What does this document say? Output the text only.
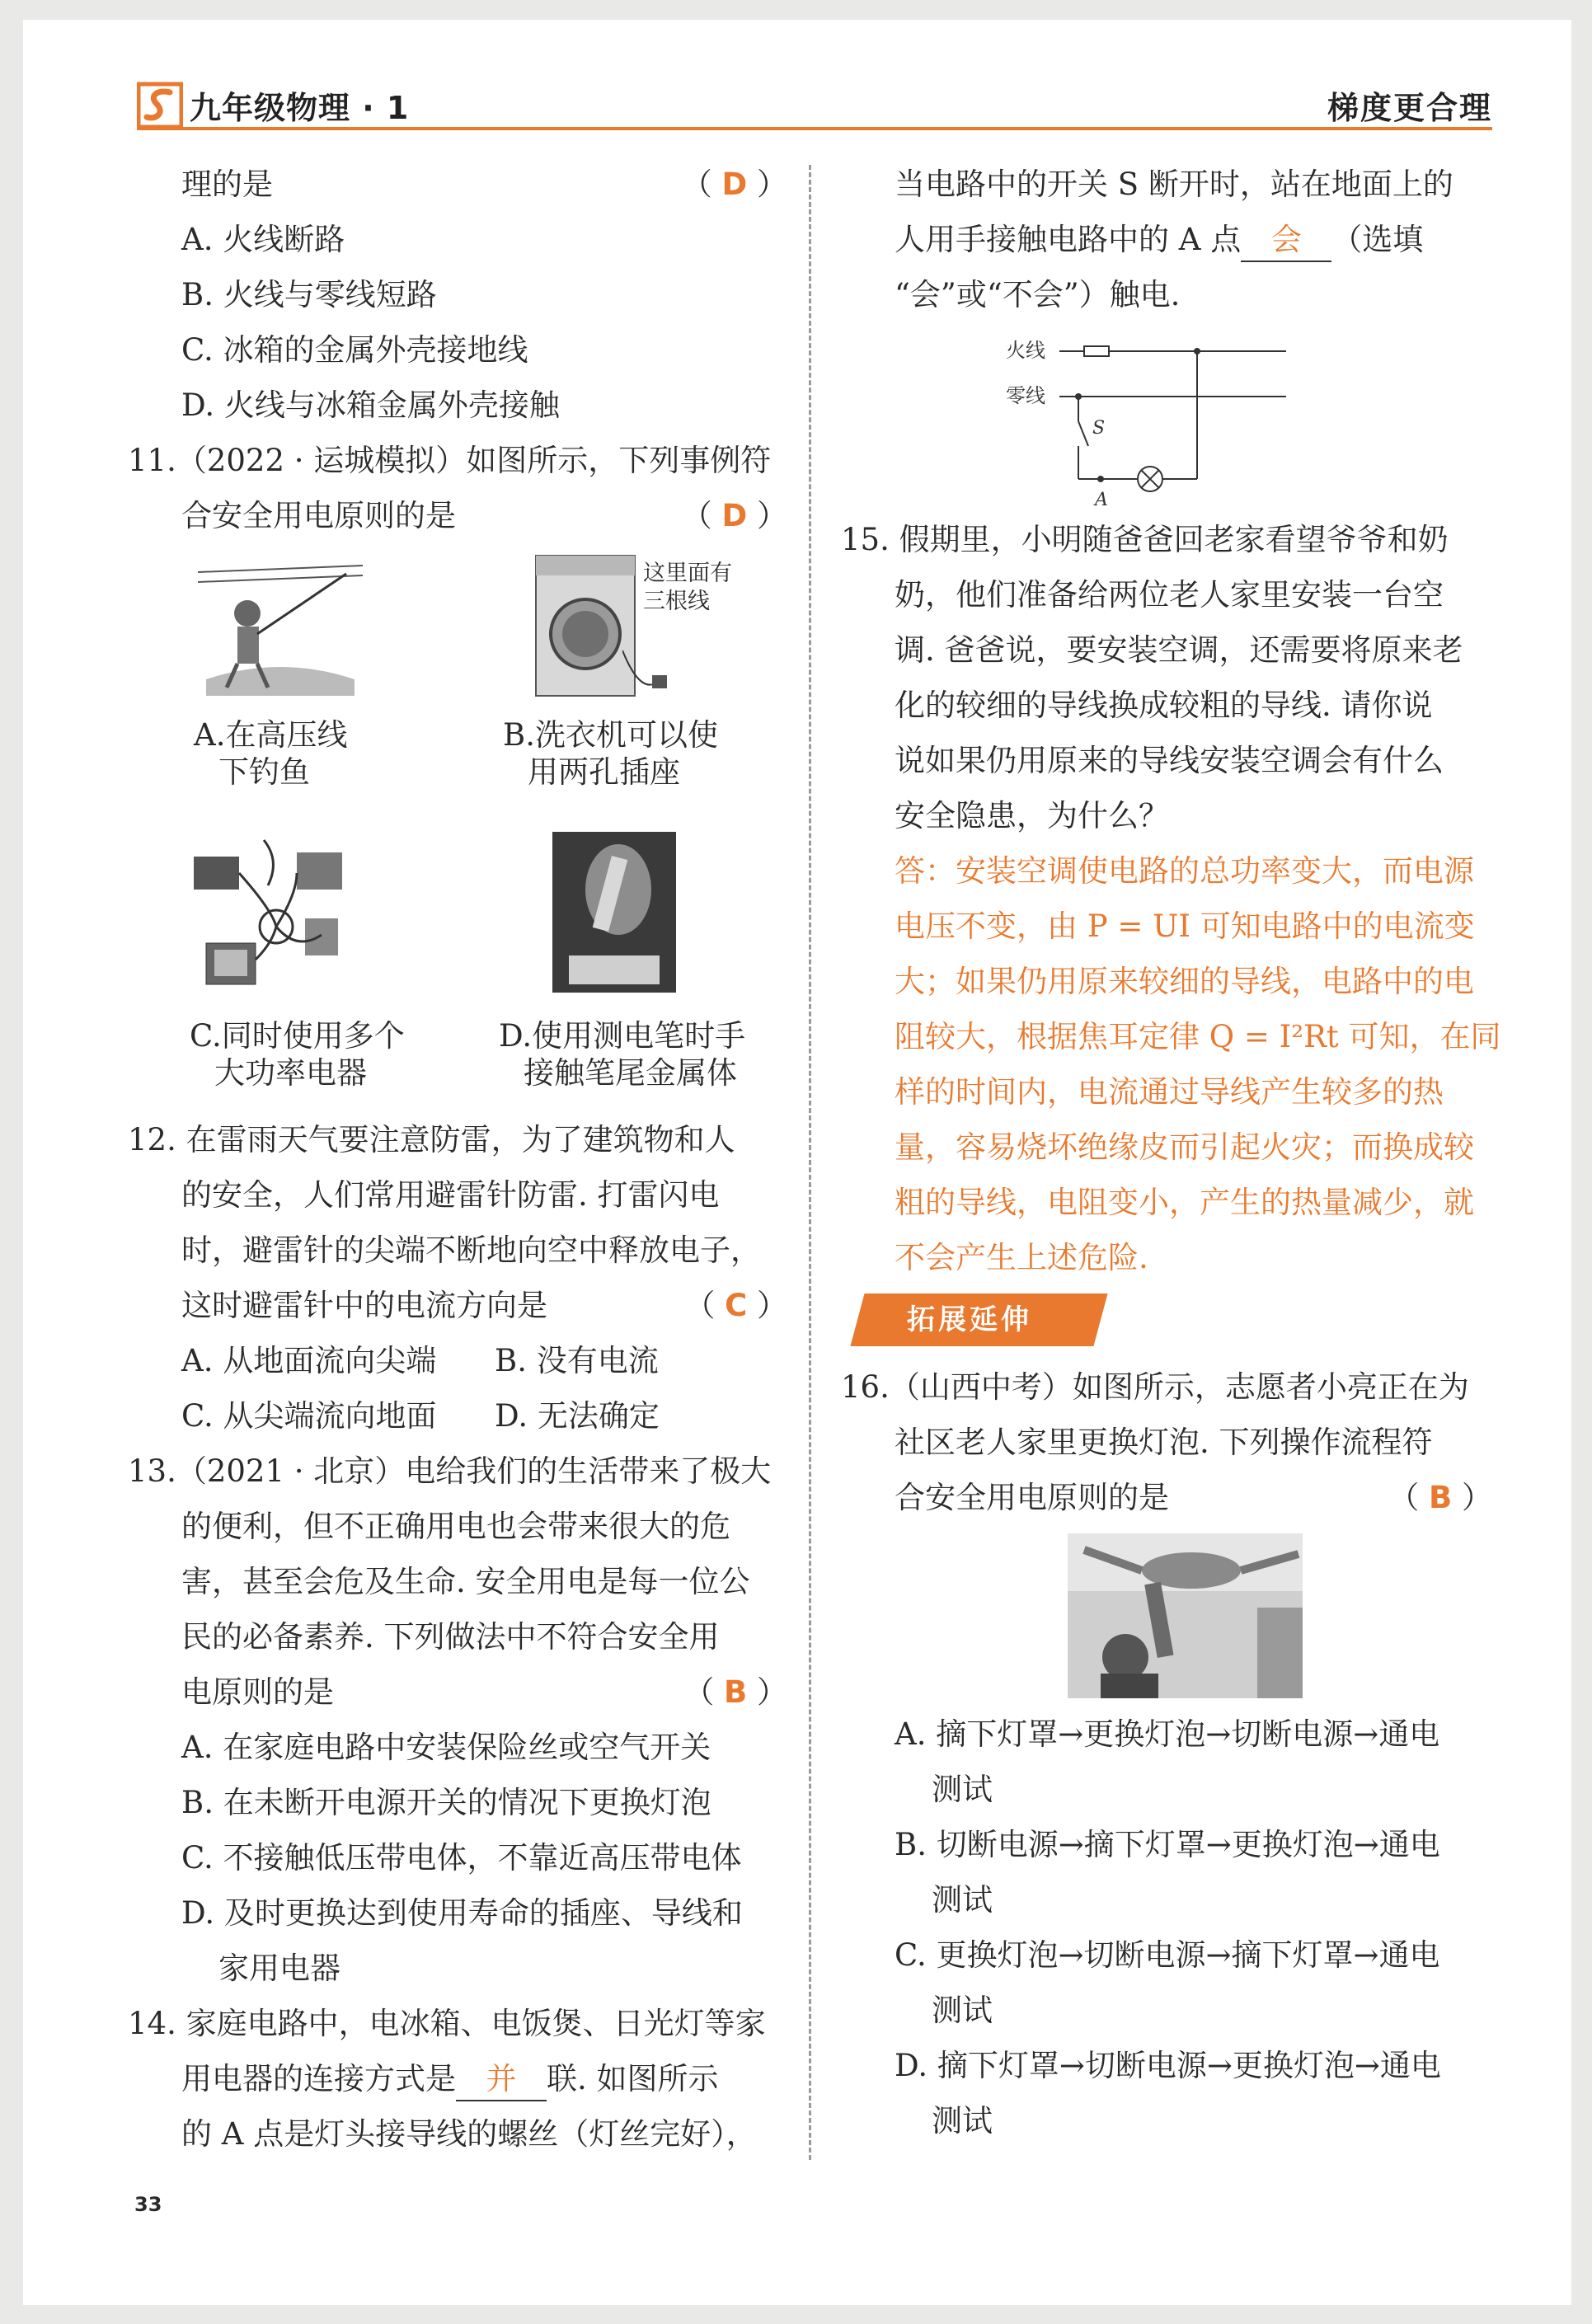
九年级物理 · 1	梯度更合理
理的是	（ D ）
A. 火线断路
B. 火线与零线短路
C. 冰箱的金属外壳接地线
D. 火线与冰箱金属外壳接触
11.（2022 · 运城模拟）如图所示，下列事例符
合安全用电原则的是	（ D ）
A.在高压线
下钓鱼
这里面有
三根线
B.洗衣机可以使
用两孔插座
C.同时使用多个
大功率电器
D.使用测电笔时手
接触笔尾金属体
12. 在雷雨天气要注意防雷，为了建筑物和人
的安全，人们常用避雷针防雷. 打雷闪电
时，避雷针的尖端不断地向空中释放电子，
这时避雷针中的电流方向是	（ C ）
A. 从地面流向尖端 B. 没有电流
C. 从尖端流向地面 D. 无法确定
13.（2021 · 北京）电给我们的生活带来了极大
的便利，但不正确用电也会带来很大的危
害，甚至会危及生命. 安全用电是每一位公
民的必备素养. 下列做法中不符合安全用
电原则的是	（ B ）
A. 在家庭电路中安装保险丝或空气开关
B. 在未断开电源开关的情况下更换灯泡
C. 不接触低压带电体，不靠近高压带电体
D. 及时更换达到使用寿命的插座、导线和
家用电器
14. 家庭电路中，电冰箱、电饭煲、日光灯等家
用电器的连接方式是 并 联. 如图所示
的 A 点是灯头接导线的螺丝（灯丝完好），
当电路中的开关 S 断开时，站在地面上的
人用手接触电路中的 A 点 会 （选填
“会”或“不会”）触电.
火线
零线
S
A
15. 假期里，小明随爸爸回老家看望爷爷和奶
奶，他们准备给两位老人家里安装一台空
调. 爸爸说，要安装空调，还需要将原来老
化的较细的导线换成较粗的导线. 请你说
说如果仍用原来的导线安装空调会有什么
安全隐患，为什么？
答：安装空调使电路的总功率变大，而电源
电压不变，由 P = UI 可知电路中的电流变
大；如果仍用原来较细的导线，电路中的电
阻较大，根据焦耳定律 Q = I²Rt 可知，在同
样的时间内，电流通过导线产生较多的热
量，容易烧坏绝缘皮而引起火灾；而换成较
粗的导线，电阻变小，产生的热量减少，就
不会产生上述危险.
拓展延伸
16.（山西中考）如图所示，志愿者小亮正在为
社区老人家里更换灯泡. 下列操作流程符
合安全用电原则的是	（ B ）
A. 摘下灯罩→更换灯泡→切断电源→通电
测试
B. 切断电源→摘下灯罩→更换灯泡→通电
测试
C. 更换灯泡→切断电源→摘下灯罩→通电
测试
D. 摘下灯罩→切断电源→更换灯泡→通电
测试
33
